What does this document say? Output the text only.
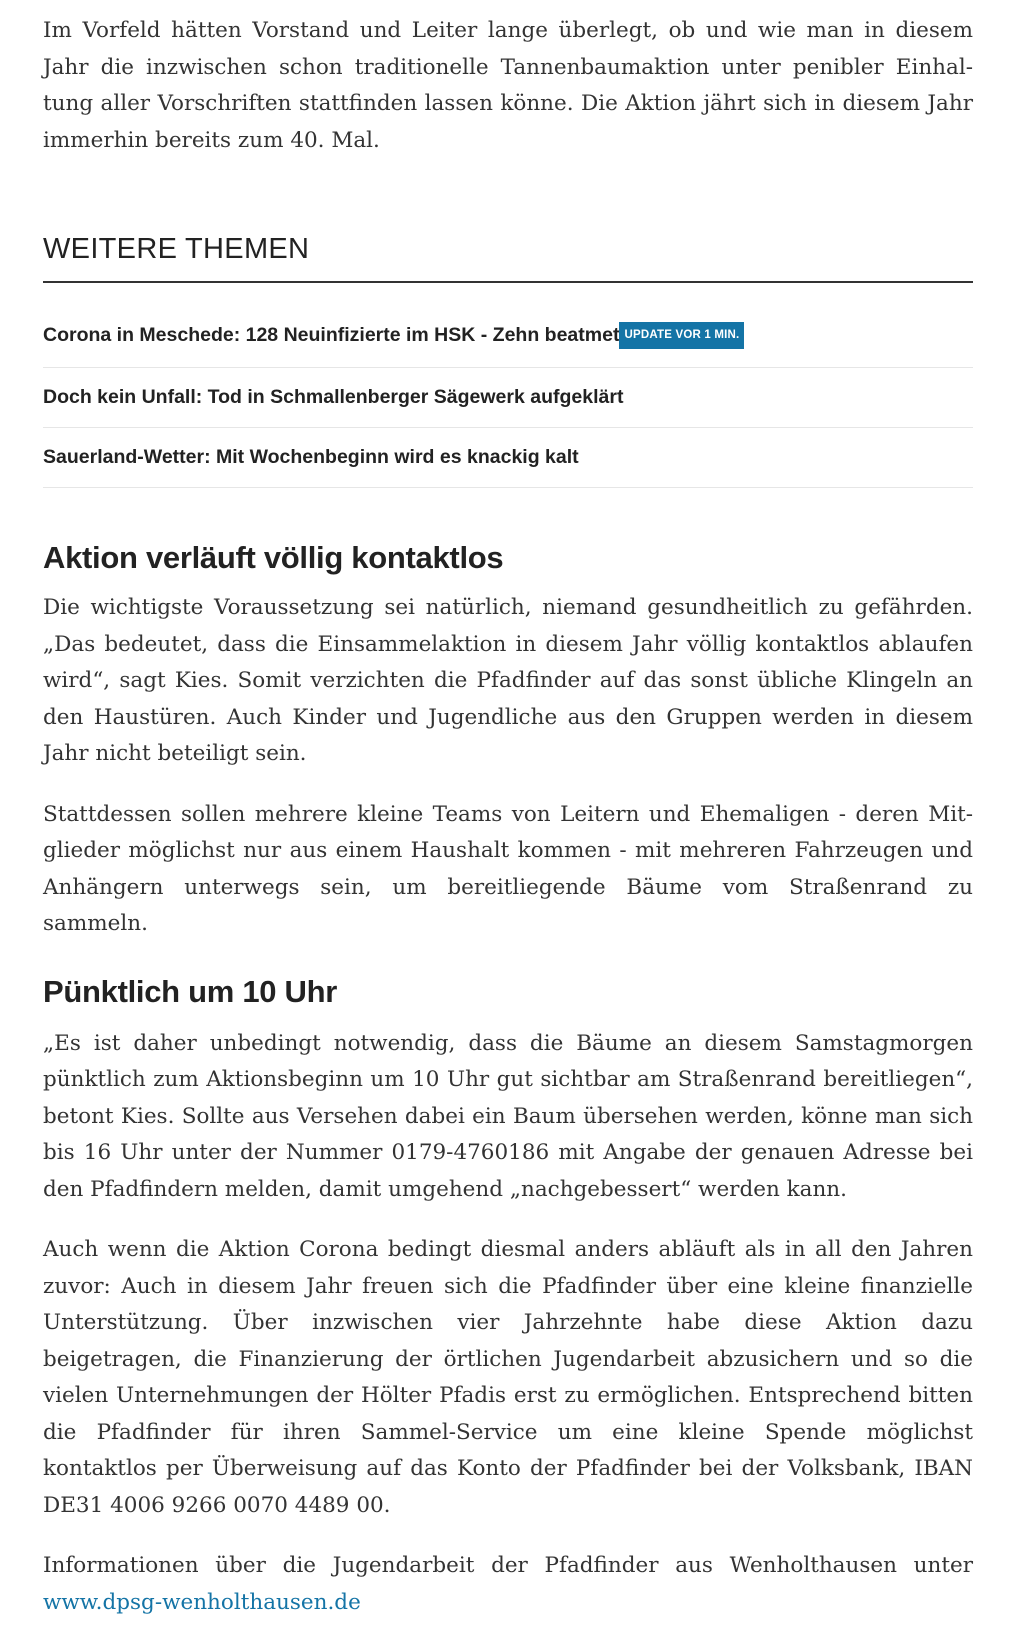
Im Vorfeld hätten Vorstand und Leiter lange überlegt, ob und wie man in diesem Jahr die inzwischen schon traditionelle Tannenbaumaktion unter penibler Einhaltung aller Vorschriften stattfinden lassen könne. Die Aktion jährt sich in diesem Jahr immerhin bereits zum 40. Mal.

WEITERE THEMEN
Corona in Meschede: 128 Neuinfizierte im HSK - Zehn beatmet UPDATE VOR 1 MIN.
Doch kein Unfall: Tod in Schmallenberger Sägewerk aufgeklärt
Sauerland-Wetter: Mit Wochenbeginn wird es knackig kalt
Aktion verläuft völlig kontaktlos

Die wichtigste Voraussetzung sei natürlich, niemand gesundheitlich zu gefährden. „Das bedeutet, dass die Einsammelaktion in diesem Jahr völlig kontaktlos ablaufen wird“, sagt Kies. Somit verzichten die Pfadfinder auf das sonst übliche Klingeln an den Haustüren. Auch Kinder und Jugendliche aus den Gruppen werden in diesem Jahr nicht beteiligt sein.

Stattdessen sollen mehrere kleine Teams von Leitern und Ehemaligen - deren Mitglieder möglichst nur aus einem Haushalt kommen - mit mehreren Fahrzeugen und Anhängern unterwegs sein, um bereitliegende Bäume vom Straßenrand zu sammeln.

Pünktlich um 10 Uhr

„Es ist daher unbedingt notwendig, dass die Bäume an diesem Samstagmorgen pünktlich zum Aktionsbeginn um 10 Uhr gut sichtbar am Straßenrand bereitliegen“, betont Kies. Sollte aus Versehen dabei ein Baum übersehen werden, könne man sich bis 16 Uhr unter der Nummer 0179-4760186 mit Angabe der genauen Adresse bei den Pfadfindern melden, damit umgehend „nachgebessert“ werden kann.

Auch wenn die Aktion Corona bedingt diesmal anders abläuft als in all den Jahren zuvor: Auch in diesem Jahr freuen sich die Pfadfinder über eine kleine finanzielle Unterstützung. Über inzwischen vier Jahrzehnte habe diese Aktion dazu beigetragen, die Finanzierung der örtlichen Jugendarbeit abzusichern und so die vielen Unternehmungen der Hölter Pfadis erst zu ermöglichen. Entsprechend bitten die Pfadfinder für ihren Sammel-Service um eine kleine Spende möglichst kontaktlos per Überweisung auf das Konto der Pfadfinder bei der Volksbank, IBAN DE31 4006 9266 0070 4489 00.

Informationen über die Jugendarbeit der Pfadfinder aus Wenholthausen unter www.dpsg-wenholthausen.de
